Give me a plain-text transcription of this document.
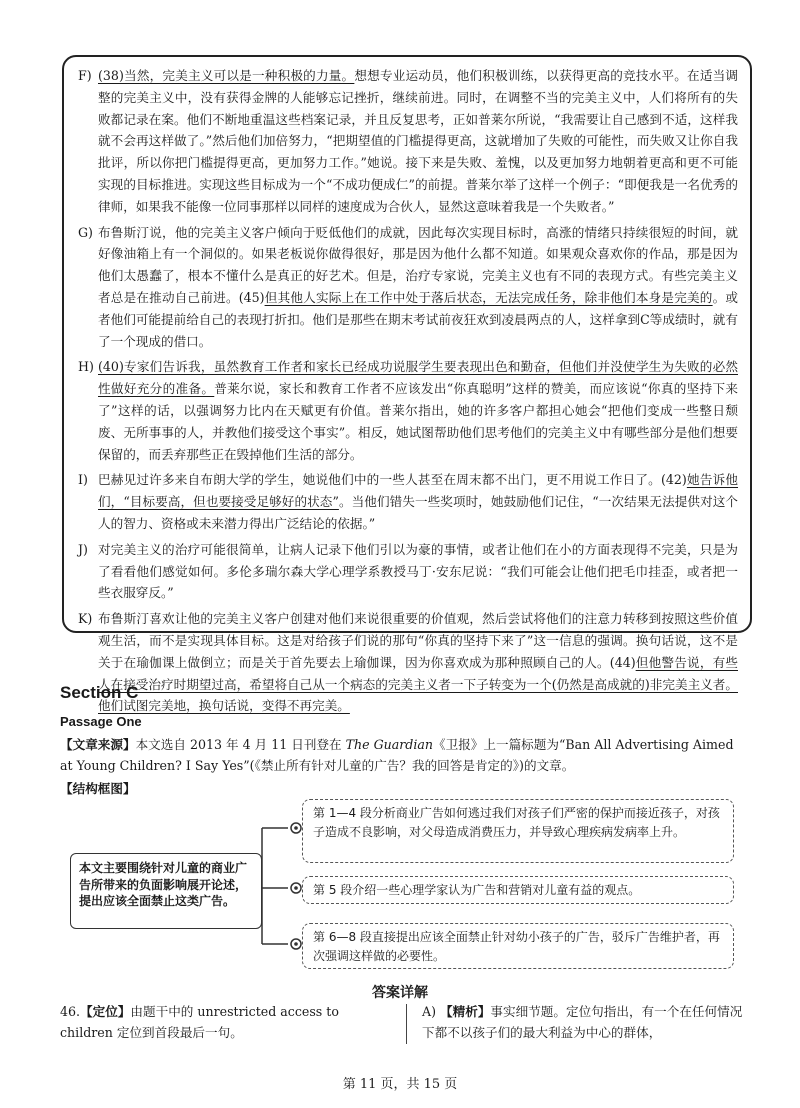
F) (38)当然，完美主义可以是一种积极的力量。想想专业运动员，他们积极训练，以获得更高的竞技水平。在适当调整的完美主义中，没有获得金牌的人能够忘记挫折，继续前进。同时，在调整不当的完美主义中，人们将所有的失败都记录在案。他们不断地重温这些档案记录，并且反复思考，正如普莱尔所说，“我需要让自己感到不适，这样我就不会再这样做了。”然后他们加倍努力，“把期望值的门槛提得更高，这就增加了失败的可能性，而失败又让你自我批评，所以你把门槛提得更高，更加努力工作。”她说。接下来是失败、羞愧，以及更加努力地朝着更高和更不可能实现的目标推进。实现这些目标成为一个“不成功便成仁”的前提。普莱尔举了这样一个例子：“即便我是一名优秀的律师，如果我不能像一位同事那样以同样的速度成为合伙人，显然这意味着我是一个失败者。”
G) 布鲁斯汀说，他的完美主义客户倾向于贬低他们的成就，因此每次实现目标时，高涨的情绪只持续很短的时间，就好像油箱上有一个洞似的。如果老板说你做得很好，那是因为他什么都不知道。如果观众喜欢你的作品，那是因为他们太愚蠢了，根本不懂什么是真正的好艺术。但是，治疗专家说，完美主义也有不同的表现方式。有些完美主义者总是在推动自己前进。(45)但其他人实际上在工作中处于落后状态，无法完成任务，除非他们本身是完美的。或者他们可能提前给自己的表现打折扣。他们是那些在期末考试前夜狂欢到凌晨两点的人，这样拿到C等成绩时，就有了一个现成的借口。
H) (40)专家们告诉我，虽然教育工作者和家长已经成功说服学生要表现出色和勤奋，但他们并没使学生为失败的必然性做好充分的准备。普莱尔说，家长和教育工作者不应该发出“你真聪明”这样的赞美，而应该说“你真的坚持下来了”这样的话，以强调努力比内在天赋更有价值。普莱尔指出，她的许多客户都担心她会“把他们变成一些整日颓废、无所事事的人，并教他们接受这个事实”。相反，她试图帮助他们思考他们的完美主义中有哪些部分是他们想要保留的，而丢弃那些正在毁掉他们生活的部分。
I) 巴赫见过许多来自布朗大学的学生，她说他们中的一些人甚至在周末都不出门，更不用说工作日了。(42)她告诉他们，“目标要高，但也要接受足够好的状态”。当他们错失一些奖项时，她鼓励他们记住，“一次结果无法提供对这个人的智力、资格或未来潜力得出广泛结论的依据。”
J) 对完美主义的治疗可能很简单，让病人记录下他们引以为豪的事情，或者让他们在小的方面表现得不完美，只是为了看看他们感觉如何。多伦多瑞尔森大学心理学系教授马丁·安东尼说：“我们可能会让他们把毛巾挂歪，或者把一些衣服穿反。”
K) 布鲁斯汀喜欢让他的完美主义客户创建对他们来说很重要的价值观，然后尝试将他们的注意力转移到按照这些价值观生活，而不是实现具体目标。这是对给孩子们说的那句“你真的坚持下来了”这一信息的强调。换句话说，这不是关于在瑜伽课上做倒立；而是关于首先要去上瑜伽课，因为你喜欢成为那种照顾自己的人。(44)但他警告说，有些人在接受治疗时期望过高，希望将自己从一个病态的完美主义者一下子转变为一个(仍然是高成就的)非完美主义者。他们试图完美地，换句话说，变得不再完美。
Section C
Passage One
【文章来源】本文选自 2013 年 4 月 11 日刊登在 The Guardian《卫报》上一篇标题为“Ban All Advertising Aimed at Young Children? I Say Yes”(《禁止所有针对儿童的广告？我的回答是肯定的》)的文章。
【结构框图】
本文主要围绕针对儿童的商业广告所带来的负面影响展开论述，提出应该全面禁止这类广告。
第 1—4 段分析商业广告如何逃过我们对孩子们严密的保护而接近孩子，对孩子造成不良影响，对父母造成消费压力，并导致心理疾病发病率上升。
第 5 段介绍一些心理学家认为广告和营销对儿童有益的观点。
第 6—8 段直接提出应该全面禁止针对幼小孩子的广告，驳斥广告维护者，再次强调这样做的必要性。
答案详解
46.【定位】由题干中的 unrestricted access to children 定位到首段最后一句。
A) 【精析】事实细节题。定位句指出，有一个在任何情况下都不以孩子们的最大利益为中心的群体，
第 11 页，共 15 页
